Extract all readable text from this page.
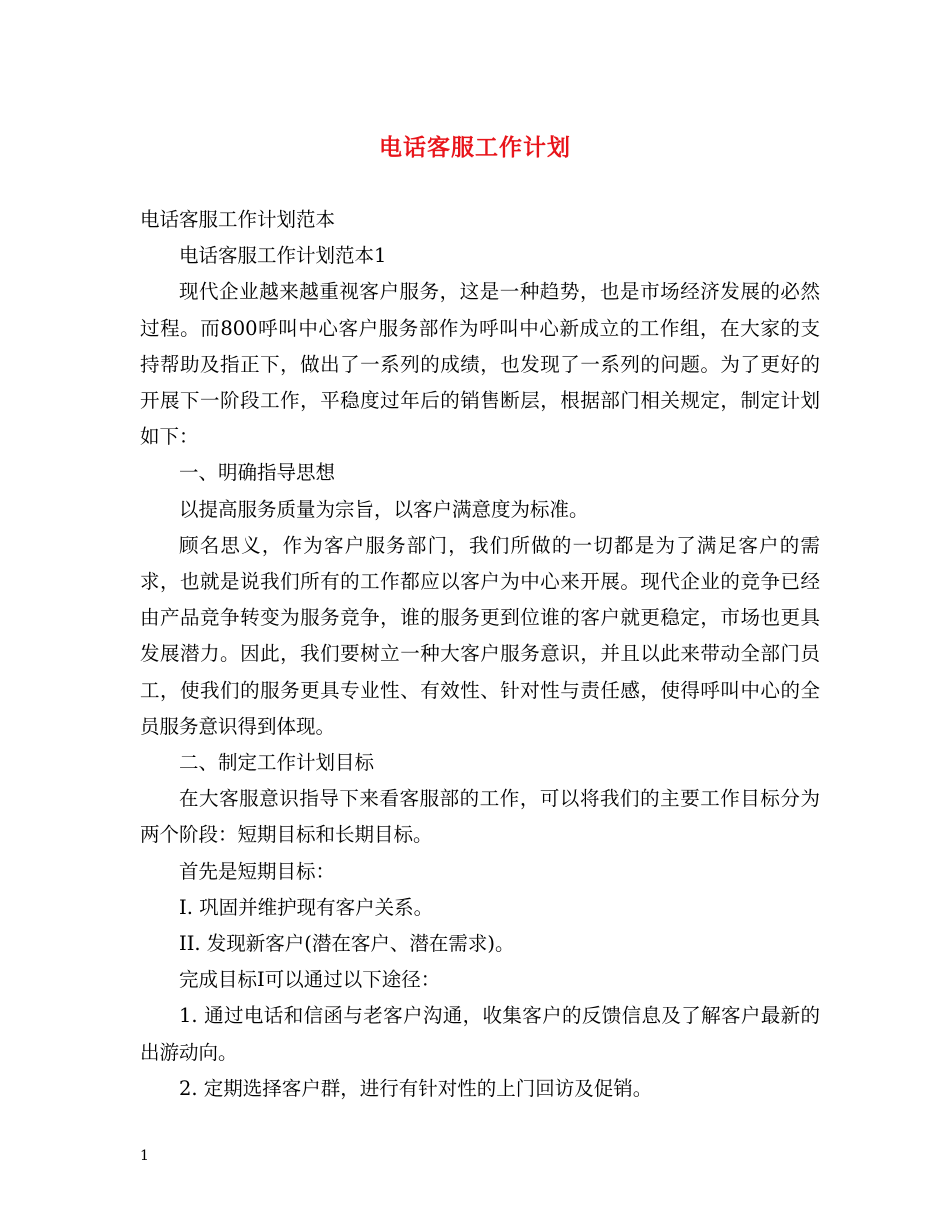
电话客服工作计划

电话客服工作计划范本

电话客服工作计划范本1

现代企业越来越重视客户服务，这是一种趋势，也是市场经济发展的必然过程。而800呼叫中心客户服务部作为呼叫中心新成立的工作组，在大家的支持帮助及指正下，做出了一系列的成绩，也发现了一系列的问题。为了更好的开展下一阶段工作，平稳度过年后的销售断层，根据部门相关规定，制定计划如下：

一、明确指导思想

以提高服务质量为宗旨，以客户满意度为标准。

顾名思义，作为客户服务部门，我们所做的一切都是为了满足客户的需求，也就是说我们所有的工作都应以客户为中心来开展。现代企业的竞争已经由产品竞争转变为服务竞争，谁的服务更到位谁的客户就更稳定，市场也更具发展潜力。因此，我们要树立一种大客户服务意识，并且以此来带动全部门员工，使我们的服务更具专业性、有效性、针对性与责任感，使得呼叫中心的全员服务意识得到体现。

二、制定工作计划目标

在大客服意识指导下来看客服部的工作，可以将我们的主要工作目标分为两个阶段：短期目标和长期目标。

首先是短期目标：

I. 巩固并维护现有客户关系。

II. 发现新客户(潜在客户、潜在需求)。

完成目标I可以通过以下途径：

1. 通过电话和信函与老客户沟通，收集客户的反馈信息及了解客户最新的出游动向。

2. 定期选择客户群，进行有针对性的上门回访及促销。

1
